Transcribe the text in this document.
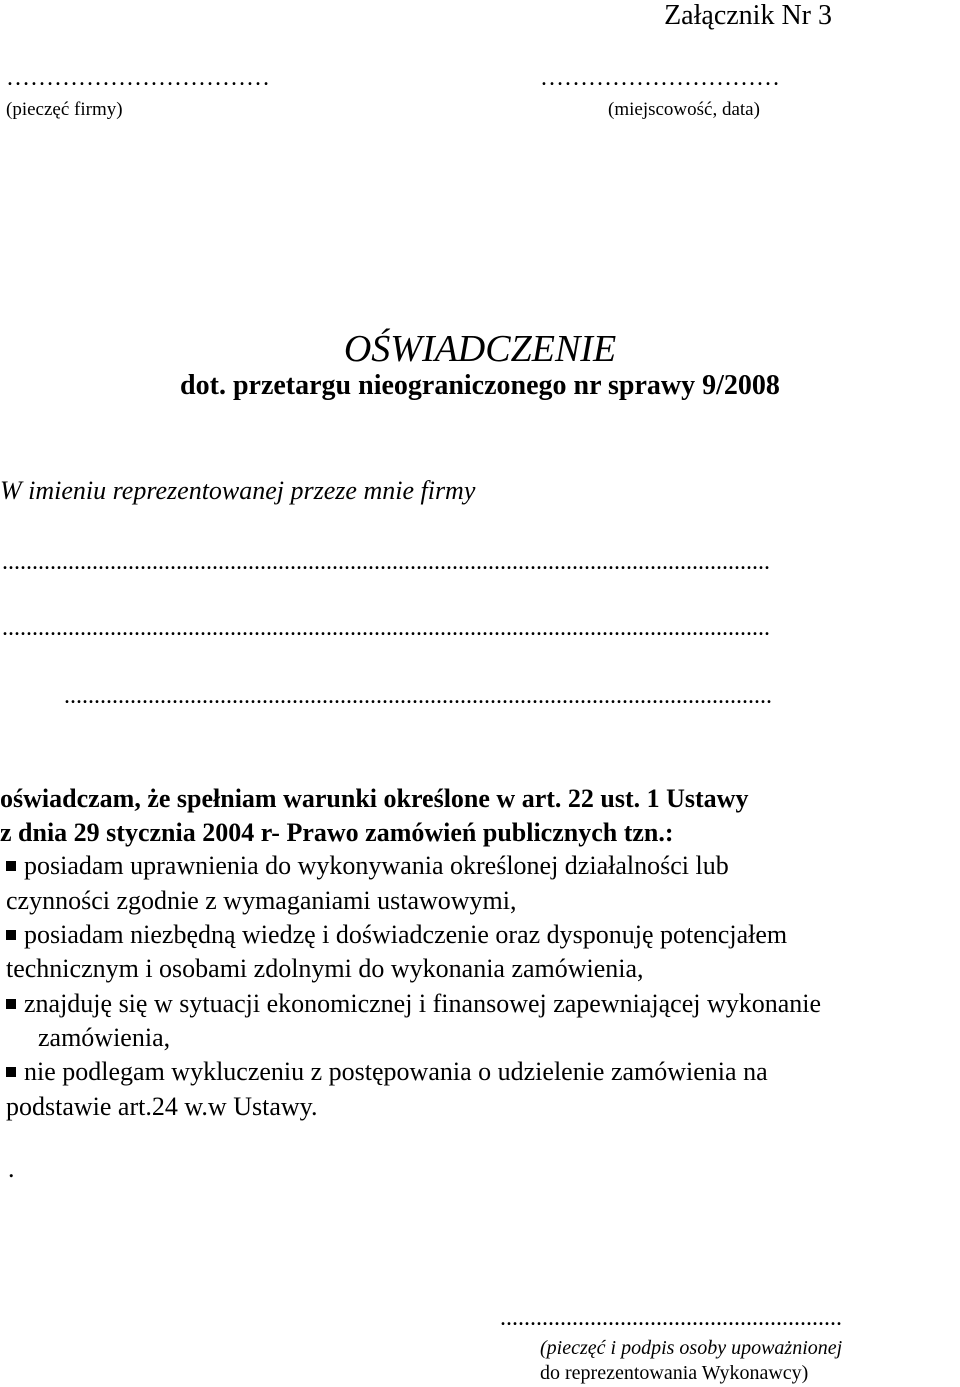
Załącznik Nr 3

……………………………

(pieczęć firmy)

…………………………

(miejscowość, data)

OŚWIADCZENIE

dot. przetargu nieograniczonego nr sprawy 9/2008

W imieniu reprezentowanej przeze mnie firmy

................................................................................................................................

................................................................................................................................

......................................................................................................................

oświadczam, że spełniam warunki określone w art. 22 ust. 1 Ustawy

z dnia 29 stycznia 2004 r- Prawo zamówień publicznych tzn.:

posiadam uprawnienia do wykonywania określonej działalności lub

czynności zgodnie z wymaganiami ustawowymi,

posiadam niezbędną wiedzę i doświadczenie oraz dysponuję potencjałem

technicznym i osobami zdolnymi do wykonania zamówienia,

znajduję się w sytuacji ekonomicznej i finansowej zapewniającej wykonanie

zamówienia,

nie podlegam wykluczeniu z postępowania o udzielenie zamówienia na

podstawie art.24 w.w Ustawy.

.

.........................................................

(pieczęć i podpis osoby upoważnionej

do reprezentowania Wykonawcy)
